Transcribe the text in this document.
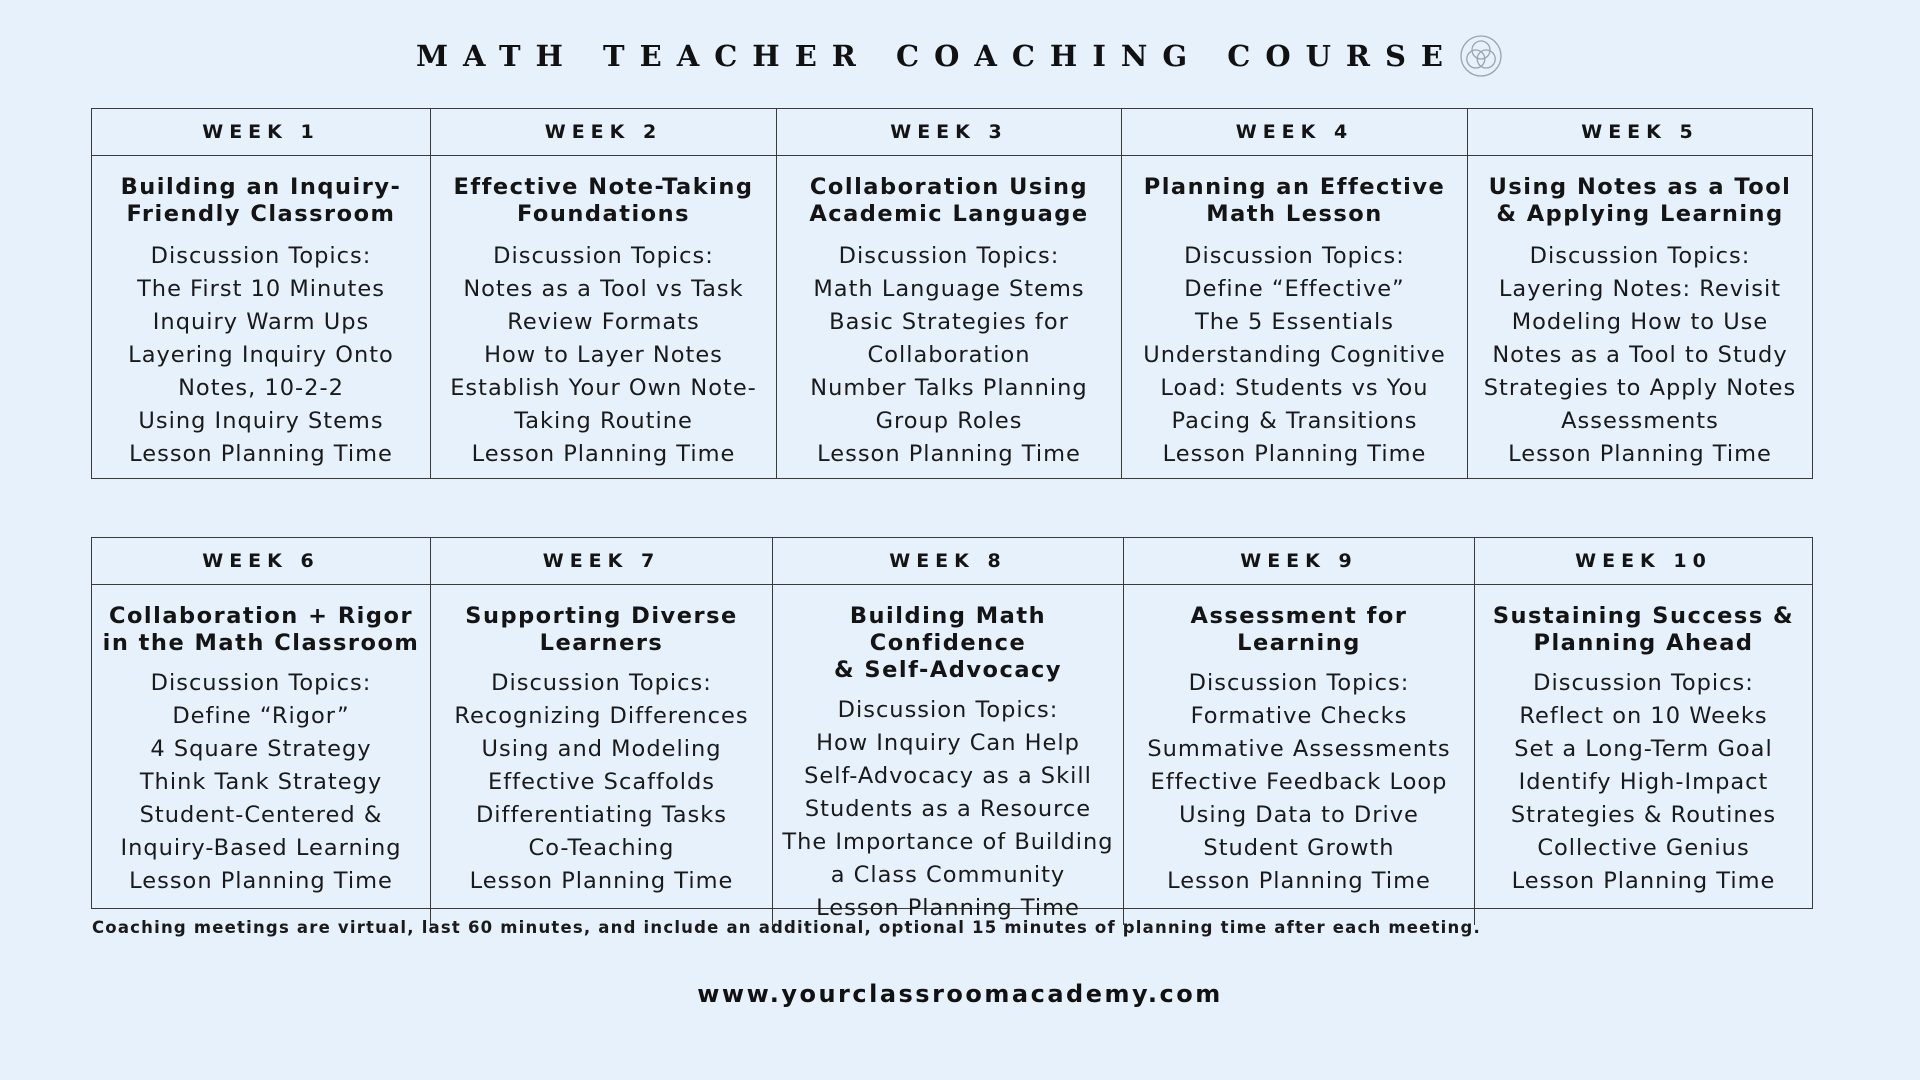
MATH TEACHER COACHING COURSE
WEEK 1
Building an Inquiry-
Friendly Classroom
Discussion Topics:
The First 10 Minutes
Inquiry Warm Ups
Layering Inquiry Onto
Notes, 10-2-2
Using Inquiry Stems
Lesson Planning Time
WEEK 2
Effective Note-Taking
Foundations
Discussion Topics:
Notes as a Tool vs Task
Review Formats
How to Layer Notes
Establish Your Own Note-
Taking Routine
Lesson Planning Time
WEEK 3
Collaboration Using
Academic Language
Discussion Topics:
Math Language Stems
Basic Strategies for
Collaboration
Number Talks Planning
Group Roles
Lesson Planning Time
WEEK 4
Planning an Effective
Math Lesson
Discussion Topics:
Define “Effective”
The 5 Essentials
Understanding Cognitive
Load: Students vs You
Pacing & Transitions
Lesson Planning Time
WEEK 5
Using Notes as a Tool
& Applying Learning
Discussion Topics:
Layering Notes: Revisit
Modeling How to Use
Notes as a Tool to Study
Strategies to Apply Notes
Assessments
Lesson Planning Time
WEEK 6
Collaboration + Rigor
in the Math Classroom
Discussion Topics:
Define “Rigor”
4 Square Strategy
Think Tank Strategy
Student-Centered &
Inquiry-Based Learning
Lesson Planning Time
WEEK 7
Supporting Diverse
Learners
Discussion Topics:
Recognizing Differences
Using and Modeling
Effective Scaffolds
Differentiating Tasks
Co-Teaching
Lesson Planning Time
WEEK 8
Building Math Confidence
& Self-Advocacy
Discussion Topics:
How Inquiry Can Help
Self-Advocacy as a Skill
Students as a Resource
The Importance of Building
a Class Community
Lesson Planning Time
WEEK 9
Assessment for
Learning
Discussion Topics:
Formative Checks
Summative Assessments
Effective Feedback Loop
Using Data to Drive
Student Growth
Lesson Planning Time
WEEK 10
Sustaining Success &
Planning Ahead
Discussion Topics:
Reflect on 10 Weeks
Set a Long-Term Goal
Identify High-Impact
Strategies & Routines
Collective Genius
Lesson Planning Time
Coaching meetings are virtual, last 60 minutes, and include an additional, optional 15 minutes of planning time after each meeting.
www.yourclassroomacademy.com
